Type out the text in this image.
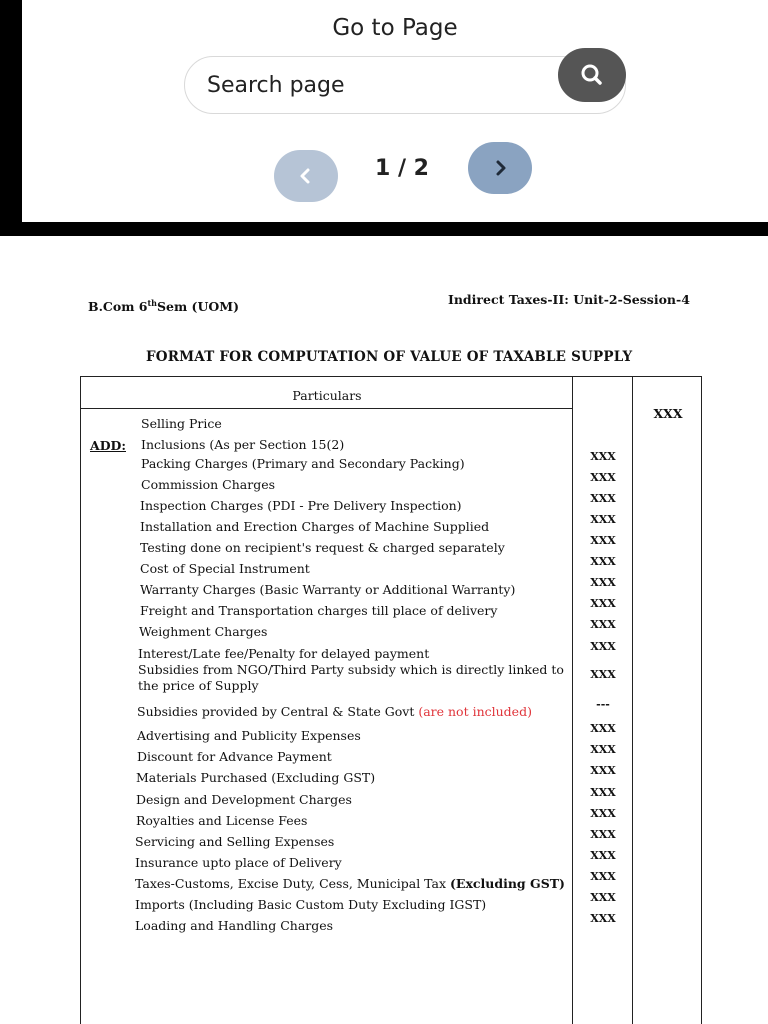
Go to Page
Search page
1 / 2
B.Com 6thSem (UOM)	Indirect Taxes-II: Unit-2-Session-4
FORMAT FOR COMPUTATION OF VALUE OF TAXABLE SUPPLY
Particulars
Selling Price
XXX
ADD: Inclusions (As per Section 15(2)
Packing Charges (Primary and Secondary Packing)	XXX
Commission Charges	XXX
Inspection Charges (PDI - Pre Delivery Inspection)	XXX
Installation and Erection Charges of Machine Supplied	XXX
Testing done on recipient's request & charged separately	XXX
Cost of Special Instrument	XXX
Warranty Charges (Basic Warranty or Additional Warranty)	XXX
Freight and Transportation charges till place of delivery	XXX
Weighment Charges	XXX
Interest/Late fee/Penalty for delayed payment	XXX
Subsidies from NGO/Third Party subsidy which is directly linked to
the price of Supply
XXX
Subsidies provided by Central & State Govt (are not included)	---
Advertising and Publicity Expenses	XXX
Discount for Advance Payment	XXX
Materials Purchased (Excluding GST)	XXX
Design and Development Charges	XXX
Royalties and License Fees	XXX
Servicing and Selling Expenses	XXX
Insurance upto place of Delivery	XXX
Taxes-Customs, Excise Duty, Cess, Municipal Tax (Excluding GST)	XXX
Imports (Including Basic Custom Duty Excluding IGST)	XXX
Loading and Handling Charges	XXX
